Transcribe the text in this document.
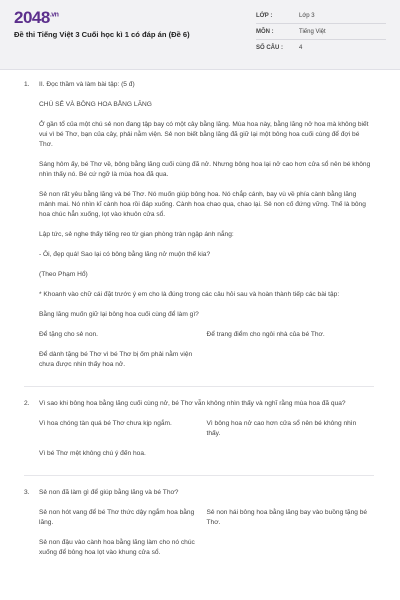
$2048^{.vn}$
Đề thi Tiếng Việt 3 Cuối học kì 1 có đáp án (Đề 6)
LỚP :	Lớp 3
MÔN :	Tiếng Việt
SỐ CÂU :	4
1.	II. Đọc thầm và làm bài tập: (5 đ)

CHÚ SẺ VÀ BÔNG HOA BẰNG LĂNG

Ở gần tổ của một chú sẻ non đang tập bay có một cây bằng lăng. Mùa hoa này, bằng lăng nở hoa mà không biết vui vì bé Thơ, bạn của cây, phải nằm viện. Sẻ non biết bằng lăng đã giữ lại một bông hoa cuối cùng để đợi bé Thơ.

Sáng hôm ấy, bé Thơ về, bông bằng lăng cuối cùng đã nở. Nhưng bông hoa lại nở cao hơn cửa sổ nên bé không nhìn thấy nó. Bé cứ ngỡ là mùa hoa đã qua.

Sẻ non rất yêu bằng lăng và bé Thơ. Nó muốn giúp bông hoa. Nó chắp cánh, bay vù về phía cành bằng lăng mảnh mai. Nó nhìn kĩ cành hoa rồi đáp xuống. Cành hoa chao qua, chao lại. Sẻ non cố đứng vững. Thế là bông hoa chúc hẳn xuống, lọt vào khuôn cửa sổ.

Lập tức, sẻ nghe thấy tiếng reo từ gian phòng tràn ngập ánh nắng:

- Ôi, đẹp quá! Sao lại có bông bằng lăng nở muộn thế kia?

(Theo Phạm Hổ)

* Khoanh vào chữ cái đặt trước ý em cho là đúng trong các câu hỏi sau và hoàn thành tiếp các bài tập:

Bằng lăng muốn giữ lại bông hoa cuối cùng để làm gì?

Để tặng cho sẻ non.	Để trang điểm cho ngôi nhà của bé Thơ.
Để dành tặng bé Thơ vì bé Thơ bị ốm phải nằm viện chưa được nhìn thấy hoa nở.
2.	Vì sao khi bông hoa bằng lăng cuối cùng nở, bé Thơ vẫn không nhìn thấy và nghĩ rằng mùa hoa đã qua?

Vì hoa chóng tàn quá bé Thơ chưa kịp ngắm.	Vì bông hoa nở cao hơn cửa sổ nên bé không nhìn thấy.
Vì bé Thơ mệt không chú ý đến hoa.
3.	Sẻ non đã làm gì để giúp bằng lăng và bé Thơ?

Sẻ non hót vang để bé Thơ thức dậy ngắm hoa bằng lăng.
Sẻ non hái bông hoa bằng lăng bay vào buồng tặng bé Thơ.
Sẻ non đậu vào cành hoa bằng lăng làm cho nó chúc xuống để bông hoa lọt vào khung cửa sổ.
